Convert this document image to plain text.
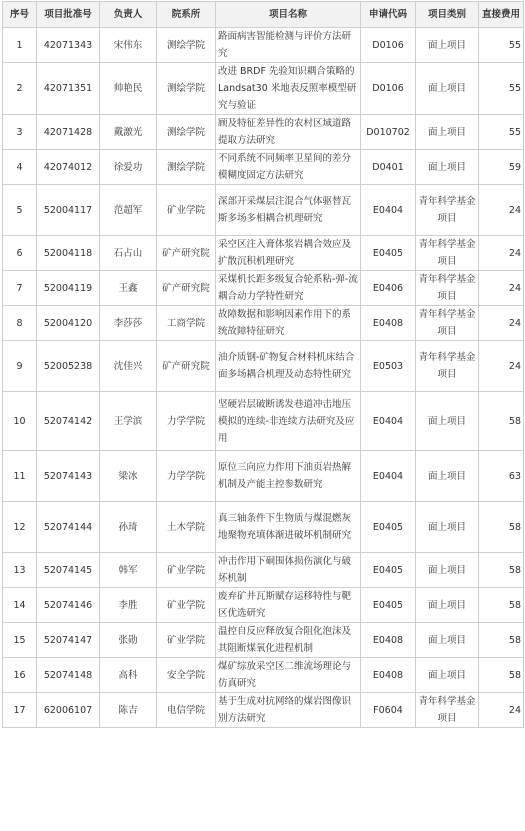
序号	项目批准号	负责人	院系所	项目名称	申请代码	项目类别	直接费用
1	42071343	宋伟东	测绘学院	路面病害智能检测与评价方法研究	D0106	面上项目	55
2	42071351	帅艳民	测绘学院	改进 BRDF 先验知识耦合策略的 Landsat30 米地表反照率模型研究与验证	D0106	面上项目	55
3	42071428	戴激光	测绘学院	顾及特征差异性的农村区域道路提取方法研究	D010702	面上项目	55
4	42074012	徐爱功	测绘学院	不同系统不同频率卫星间的差分模糊度固定方法研究	D0401	面上项目	59
5	52004117	范超军	矿业学院	深部开采煤层注混合气体驱替瓦斯多场多相耦合机理研究	E0404	青年科学基金项目	24
6	52004118	石占山	矿产研究院	采空区注入膏体浆岩耦合效应及扩散沉积机理研究	E0405	青年科学基金项目	24
7	52004119	王鑫	矿产研究院	采煤机长距多级复合轮系粘-弹-流耦合动力学特性研究	E0406	青年科学基金项目	24
8	52004120	李莎莎	工商学院	故障数据和影响因素作用下的系统故障特征研究	E0408	青年科学基金项目	24
9	52005238	沈佳兴	矿产研究院	油介质钢-矿物复合材料机床结合面多场耦合机理及动态特性研究	E0503	青年科学基金项目	24
10	52074142	王学滨	力学学院	坚硬岩层破断诱发巷道冲击地压模拟的连续-非连续方法研究及应用	E0404	面上项目	58
11	52074143	梁冰	力学学院	原位三向应力作用下油页岩热解机制及产能主控参数研究	E0404	面上项目	63
12	52074144	孙琦	土木学院	真三轴条件下生物质与煤混燃灰地聚物充填体渐进破坏机制研究	E0405	面上项目	58
13	52074145	韩军	矿业学院	冲击作用下硐围体损伤演化与破坏机制	E0405	面上项目	58
14	52074146	李胜	矿业学院	废弃矿井瓦斯赋存运移特性与靶区优选研究	E0405	面上项目	58
15	52074147	张勋	矿业学院	温控自反应释放复合阻化泡沫及其阻断煤氧化进程机制	E0408	面上项目	58
16	52074148	高科	安全学院	煤矿综放采空区二维流场理论与仿真研究	E0408	面上项目	58
17	62006107	陈吉	电信学院	基于生成对抗网络的煤岩图像识别方法研究	F0604	青年科学基金项目	24
